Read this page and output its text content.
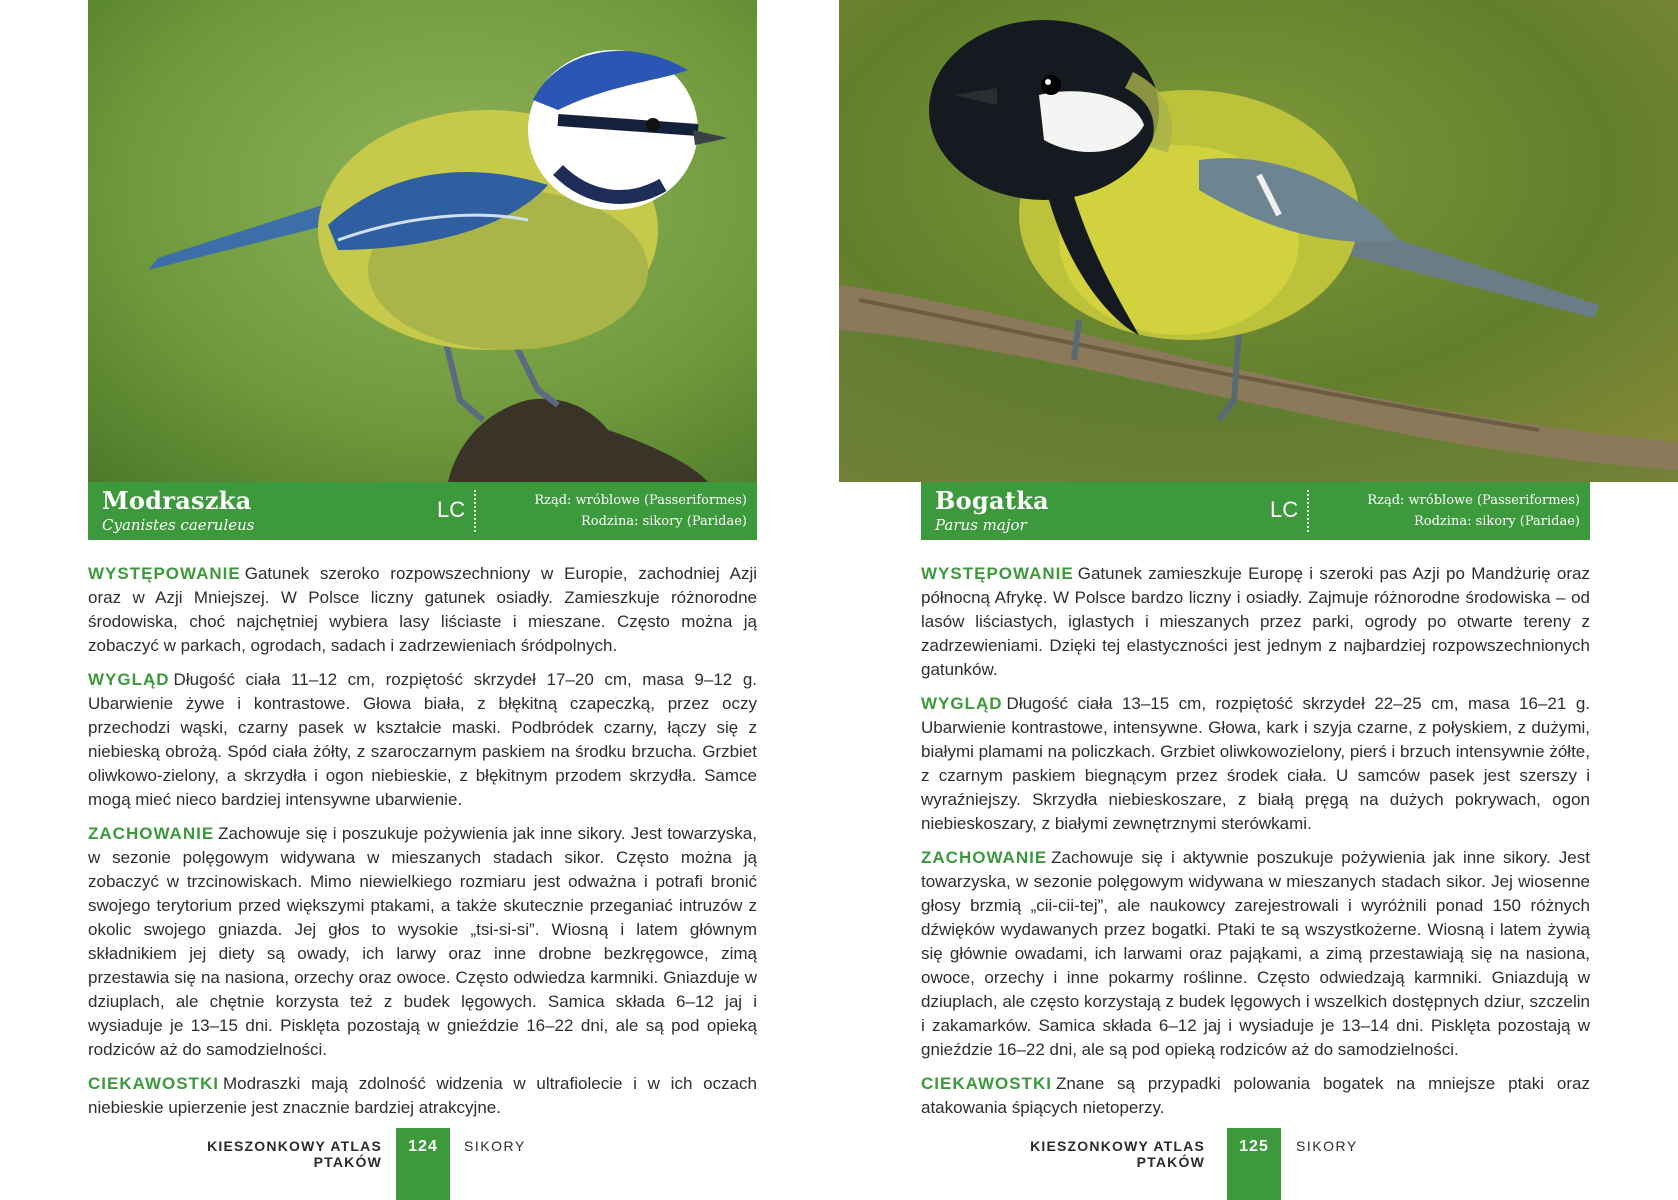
Modraszka
Cyanistes caeruleus
LC	Rząd: wróblowe (Passeriformes)
Rodzina: sikory (Paridae)

WYSTĘPOWANIE Gatunek szeroko rozpowszechniony w Europie, zachodniej Azji oraz w Azji Mniejszej. W Polsce liczny gatunek osiadły. Zamieszkuje różnorodne środowiska, choć najchętniej wybiera lasy liściaste i mieszane. Często można ją zobaczyć w parkach, ogrodach, sadach i zadrzewieniach śródpolnych.

WYGLĄD Długość ciała 11–12 cm, rozpiętość skrzydeł 17–20 cm, masa 9–12 g. Ubarwienie żywe i kontrastowe. Głowa biała, z błękitną czapeczką, przez oczy przechodzi wąski, czarny pasek w kształcie maski. Podbródek czarny, łączy się z niebieską obrożą. Spód ciała żółty, z szaroczarnym paskiem na środku brzucha. Grzbiet oliwkowo-zielony, a skrzydła i ogon niebieskie, z błękitnym przodem skrzydła. Samce mogą mieć nieco bardziej intensywne ubarwienie.

ZACHOWANIE Zachowuje się i poszukuje pożywienia jak inne sikory. Jest towarzyska, w sezonie polęgowym widywana w mieszanych stadach sikor. Często można ją zobaczyć w trzcinowiskach. Mimo niewielkiego rozmiaru jest odważna i potrafi bronić swojego terytorium przed większymi ptakami, a także skutecznie przeganiać intruzów z okolic swojego gniazda. Jej głos to wysokie „tsi-si-si”. Wiosną i latem głównym składnikiem jej diety są owady, ich larwy oraz inne drobne bezkręgowce, zimą przestawia się na nasiona, orzechy oraz owoce. Często odwiedza karmniki. Gniazduje w dziuplach, ale chętnie korzysta też z budek lęgowych. Samica składa 6–12 jaj i wysiaduje je 13–15 dni. Pisklęta pozostają w gnieździe 16–22 dni, ale są pod opieką rodziców aż do samodzielności.

CIEKAWOSTKI Modraszki mają zdolność widzenia w ultrafiolecie i w ich oczach niebieskie upierzenie jest znacznie bardziej atrakcyjne.

KIESZONKOWY ATLAS PTAKÓW
124	SIKORY
Bogatka
Parus major
LC	Rząd: wróblowe (Passeriformes)
Rodzina: sikory (Paridae)

WYSTĘPOWANIE Gatunek zamieszkuje Europę i szeroki pas Azji po Mandżurię oraz północną Afrykę. W Polsce bardzo liczny i osiadły. Zajmuje różnorodne środowiska – od lasów liściastych, iglastych i mieszanych przez parki, ogrody po otwarte tereny z zadrzewieniami. Dzięki tej elastyczności jest jednym z najbardziej rozpowszechnionych gatunków.

WYGLĄD Długość ciała 13–15 cm, rozpiętość skrzydeł 22–25 cm, masa 16–21 g. Ubarwienie kontrastowe, intensywne. Głowa, kark i szyja czarne, z połyskiem, z dużymi, białymi plamami na policzkach. Grzbiet oliwkowozielony, pierś i brzuch intensywnie żółte, z czarnym paskiem biegnącym przez środek ciała. U samców pasek jest szerszy i wyraźniejszy. Skrzydła niebieskoszare, z białą pręgą na dużych pokrywach, ogon niebieskoszary, z białymi zewnętrznymi sterówkami.

ZACHOWANIE Zachowuje się i aktywnie poszukuje pożywienia jak inne sikory. Jest towarzyska, w sezonie polęgowym widywana w mieszanych stadach sikor. Jej wiosenne głosy brzmią „cii-cii-tej”, ale naukowcy zarejestrowali i wyróżnili ponad 150 różnych dźwięków wydawanych przez bogatki. Ptaki te są wszystkożerne. Wiosną i latem żywią się głównie owadami, ich larwami oraz pająkami, a zimą przestawiają się na nasiona, owoce, orzechy i inne pokarmy roślinne. Często odwiedzają karmniki. Gniazdują w dziuplach, ale często korzystają z budek lęgowych i wszelkich dostępnych dziur, szczelin i zakamarków. Samica składa 6–12 jaj i wysiaduje je 13–14 dni. Pisklęta pozostają w gnieździe 16–22 dni, ale są pod opieką rodziców aż do samodzielności.

CIEKAWOSTKI Znane są przypadki polowania bogatek na mniejsze ptaki oraz atakowania śpiących nietoperzy.

KIESZONKOWY ATLAS PTAKÓW
125	SIKORY
